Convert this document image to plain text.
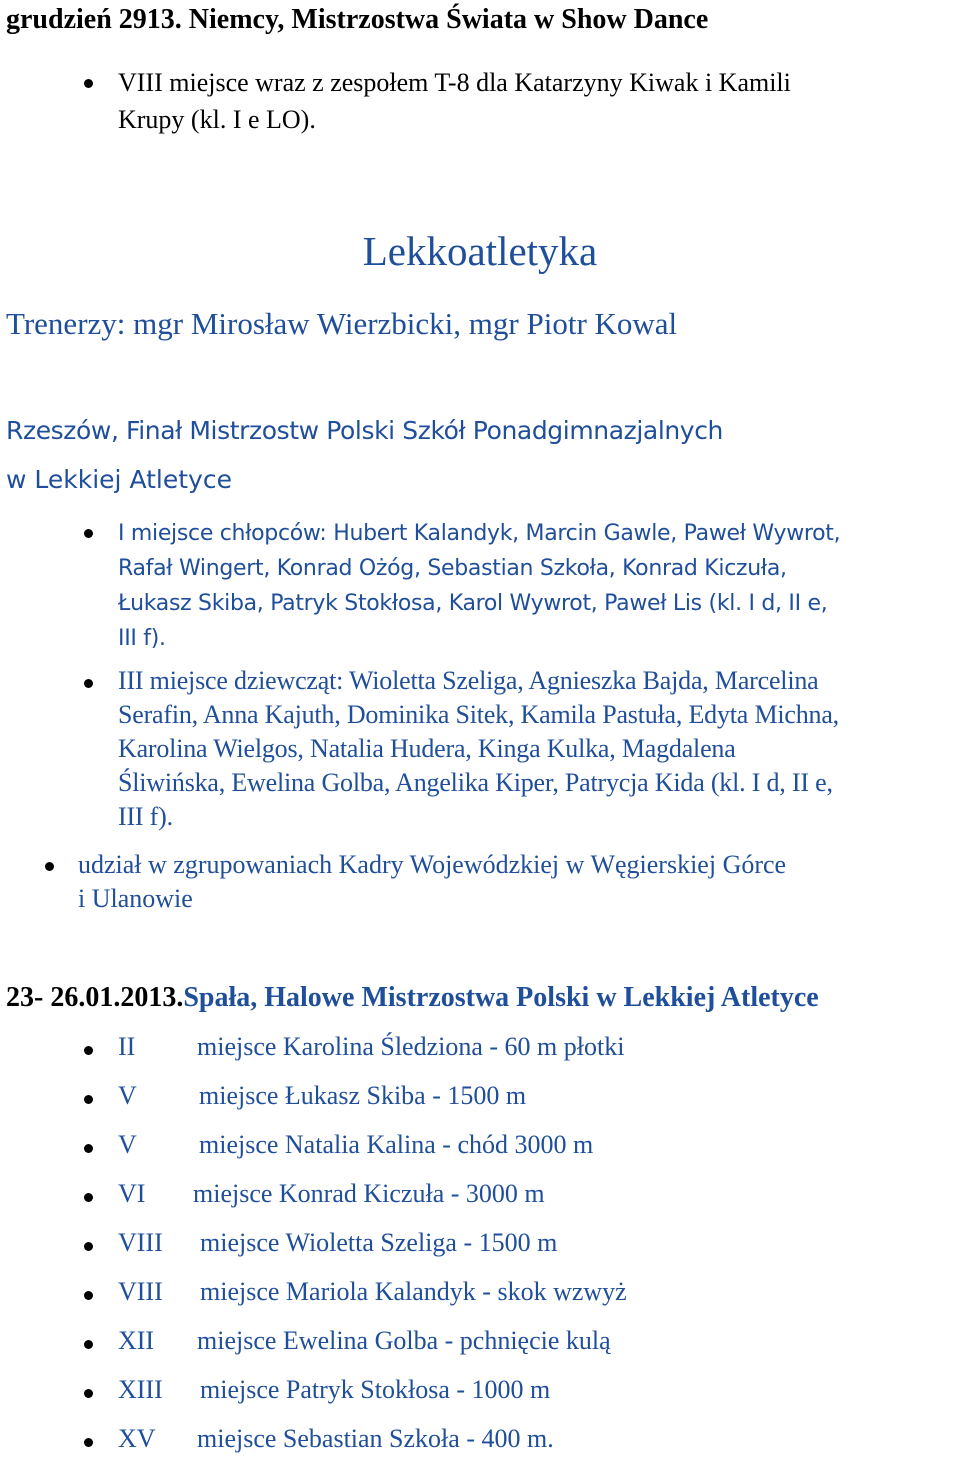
grudzień 2913. Niemcy, Mistrzostwa Świata w Show Dance

VIII miejsce wraz z zespołem T-8 dla Katarzyny Kiwak i Kamili

Krupy (kl. I e LO).

Lekkoatletyka

Trenerzy: mgr Mirosław Wierzbicki, mgr Piotr Kowal

Rzeszów, Finał Mistrzostw Polski Szkół Ponadgimnazjalnych

w Lekkiej Atletyce

I miejsce chłopców: Hubert Kalandyk, Marcin Gawle, Paweł Wywrot,
Rafał Wingert, Konrad Ożóg, Sebastian Szkoła, Konrad Kiczuła,
Łukasz Skiba, Patryk Stokłosa, Karol Wywrot, Paweł Lis (kl. I d, II e,
III f).
III miejsce dziewcząt: Wioletta Szeliga, Agnieszka Bajda, Marcelina
Serafin, Anna Kajuth, Dominika Sitek, Kamila Pastuła, Edyta Michna,
Karolina Wielgos, Natalia Hudera, Kinga Kulka, Magdalena
Śliwińska, Ewelina Golba, Angelika Kiper, Patrycja Kida (kl. I d, II e,
III f).
udział w zgrupowaniach Kadry Wojewódzkiej w Węgierskiej Górce
i Ulanowie
23- 26.01.2013.Spała, Halowe Mistrzostwa Polski w Lekkiej Atletyce
II miejsce Karolina Śledziona - 60 m płotki
V miejsce Łukasz Skiba - 1500 m
V miejsce Natalia Kalina - chód 3000 m
VI miejsce Konrad Kiczuła - 3000 m
VIII miejsce Wioletta Szeliga - 1500 m
VIII miejsce Mariola Kalandyk - skok wzwyż
XII miejsce Ewelina Golba - pchnięcie kulą
XIII miejsce Patryk Stokłosa - 1000 m
XV miejsce Sebastian Szkoła - 400 m.
